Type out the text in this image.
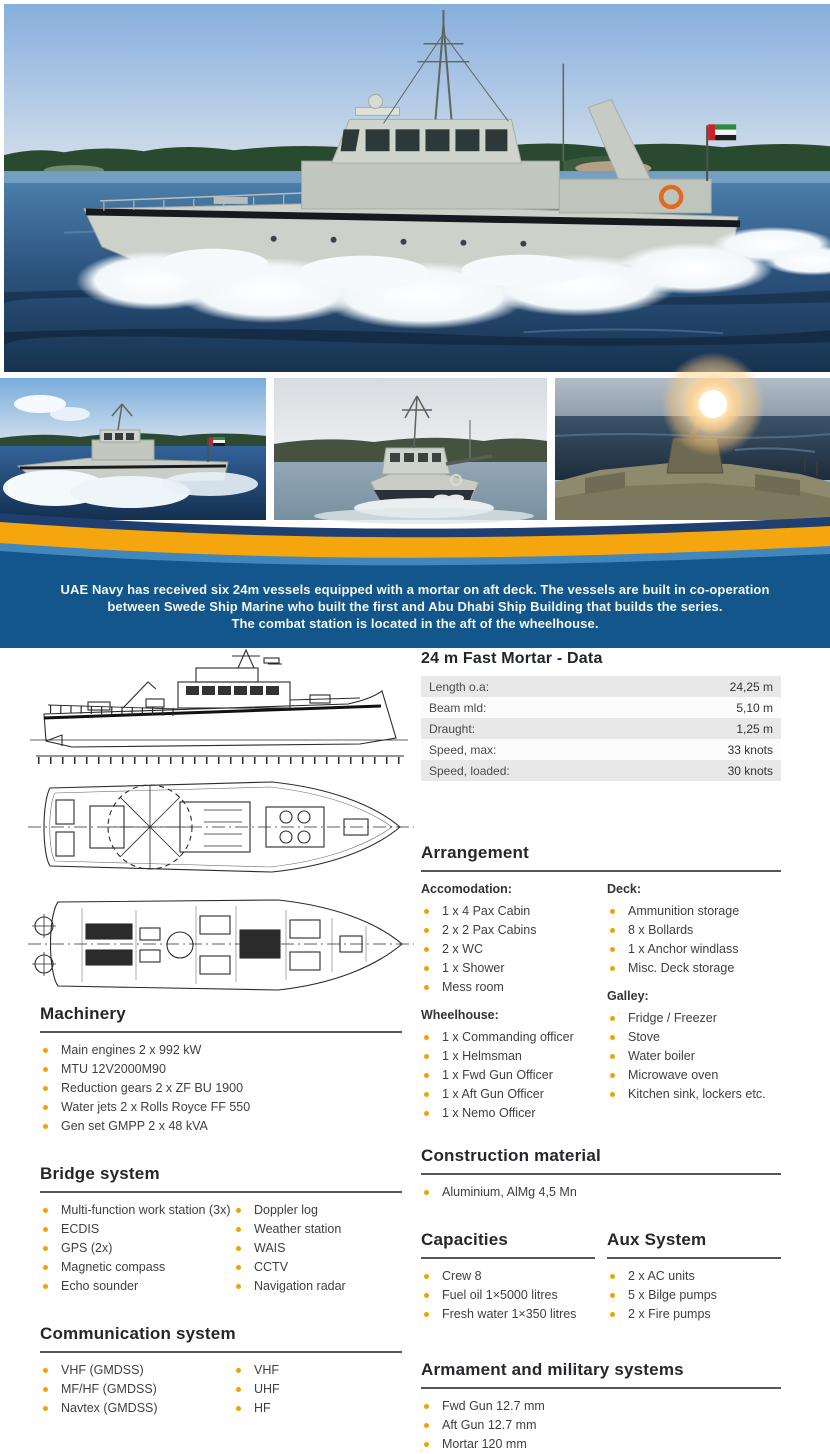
UAE Navy has received six 24m vessels equipped with a mortar on aft deck. The vessels are built in co-operation
between Swede Ship Marine who built the first and Abu Dhabi Ship Building that builds the series.
The combat station is located in the aft of the wheelhouse.
Machinery
Main engines 2 x 992 kW
MTU 12V2000M90
Reduction gears 2 x ZF BU 1900
Water jets 2 x Rolls Royce FF 550
Gen set GMPP 2 x 48 kVA
Bridge system
Multi-function work station (3x)
ECDIS
GPS (2x)
Magnetic compass
Echo sounder
Doppler log
Weather station
WAIS
CCTV
Navigation radar
Communication system
VHF (GMDSS)
MF/HF (GMDSS)
Navtex (GMDSS)
VHF
UHF
HF
24 m Fast Mortar - Data
Length o.a:	24,25 m
Beam mld:	5,10 m
Draught:	1,25 m
Speed, max:	33 knots
Speed, loaded:	30 knots
Arrangement
Accomodation:
1 x 4 Pax Cabin
2 x 2 Pax Cabins
2 x WC
1 x Shower
Mess room
Wheelhouse:
1 x Commanding officer
1 x Helmsman
1 x Fwd Gun Officer
1 x Aft Gun Officer
1 x Nemo Officer
Deck:
Ammunition storage
8 x Bollards
1 x Anchor windlass
Misc. Deck storage
Galley:
Fridge / Freezer
Stove
Water boiler
Microwave oven
Kitchen sink, lockers etc.
Construction material
Aluminium, AlMg 4,5 Mn
Capacities
Crew 8
Fuel oil 1×5000 litres
Fresh water 1×350 litres
Aux System
2 x AC units
5 x Bilge pumps
2 x Fire pumps
Armament and military systems
Fwd Gun 12.7 mm
Aft Gun 12.7 mm
Mortar 120 mm
